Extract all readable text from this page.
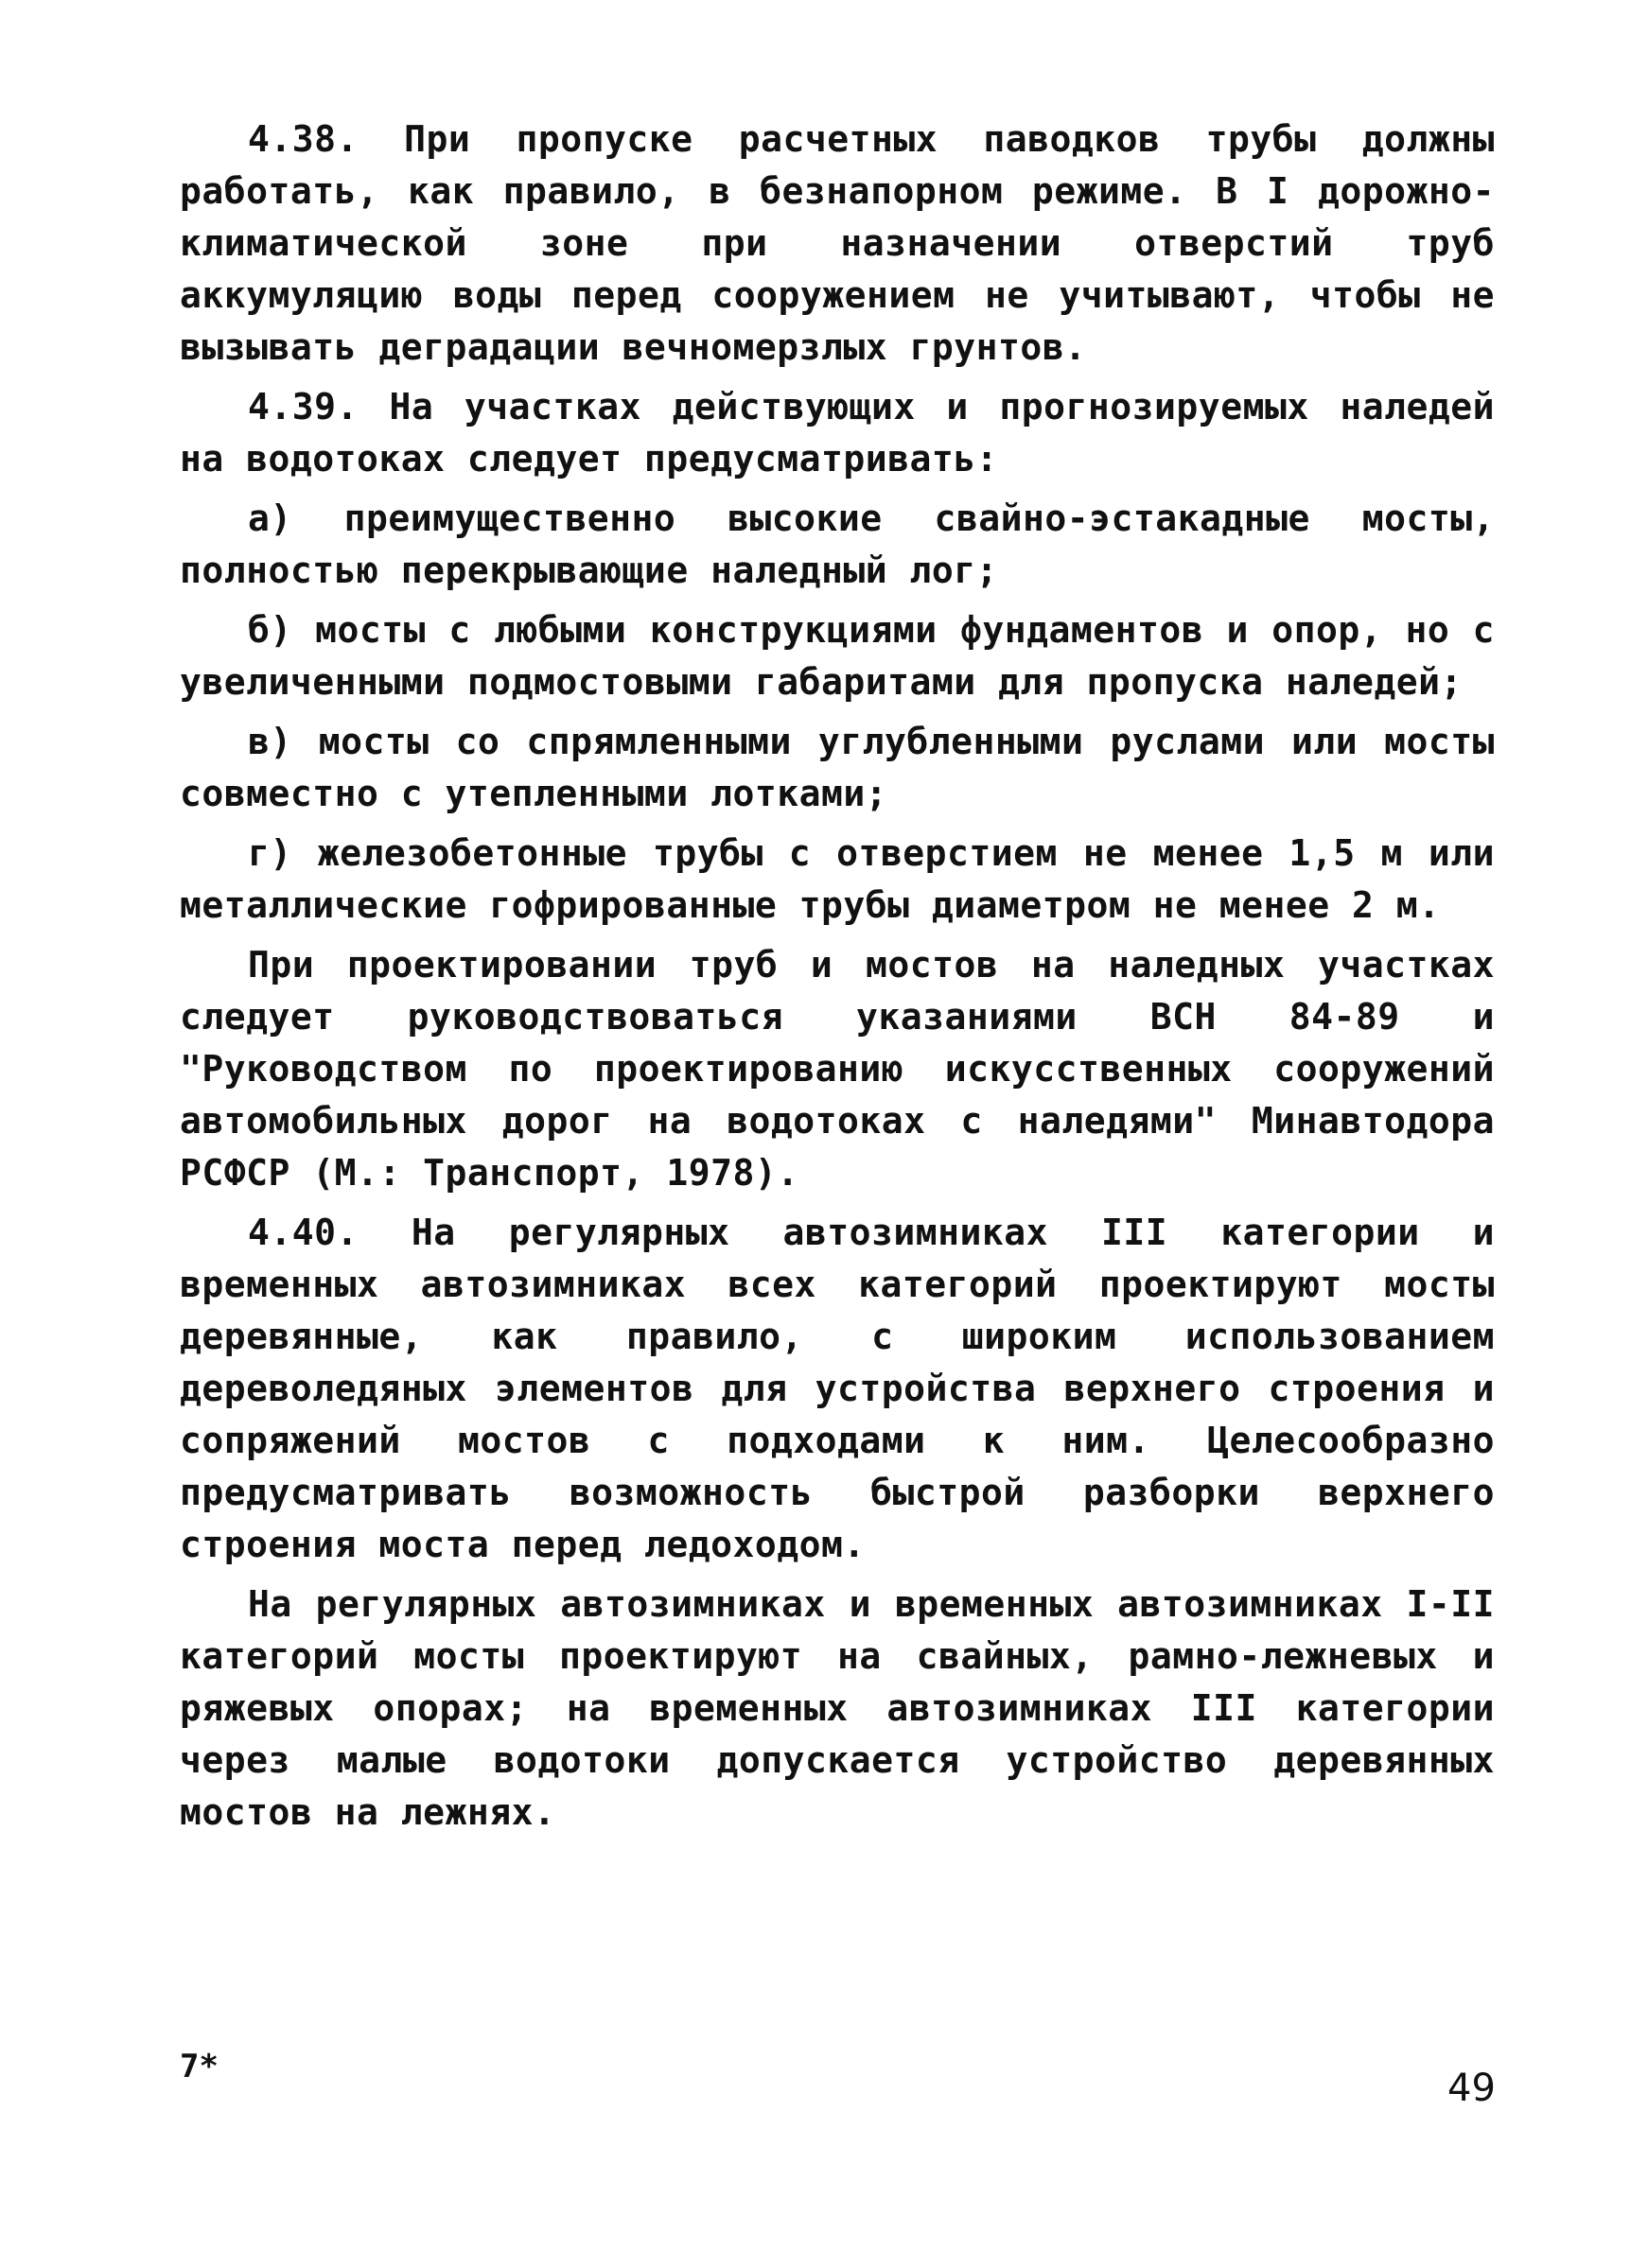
4.38. При пропуске расчетных паводков трубы должны работать, как правило, в безнапорном режиме. В I дорожно-климатической зоне при назначении отверстий труб аккумуляцию воды перед сооружением не учитывают, чтобы не вызывать деградации вечномерзлых грунтов.

4.39. На участках действующих и прогнозируемых наледей на водотоках следует предусматривать:

а) преимущественно высокие свайно-эстакадные мосты, полностью перекрывающие наледный лог;

б) мосты с любыми конструкциями фундаментов и опор, но с увеличенными подмостовыми габаритами для пропуска наледей;

в) мосты со спрямленными углубленными руслами или мосты совместно с утепленными лотками;

г) железобетонные трубы с отверстием не менее 1,5 м или металлические гофрированные трубы диаметром не менее 2 м.

При проектировании труб и мостов на наледных участках следует руководствоваться указаниями ВСН 84-89 и "Руководством по проектированию искусственных сооружений автомобильных дорог на водотоках с наледями" Минавтодора РСФСР (М.: Транспорт, 1978).

4.40. На регулярных автозимниках III категории и временных автозимниках всех категорий проектируют мосты деревянные, как правило, с широким использованием дереволедяных элементов для устройства верхнего строения и сопряжений мостов с подходами к ним. Целесообразно предусматривать возможность быстрой разборки верхнего строения моста перед ледоходом.

На регулярных автозимниках и временных автозимниках I-II категорий мосты проектируют на свайных, рамно-лежневых и ряжевых опорах; на временных автозимниках III категории через малые водотоки допускается устройство деревянных мостов на лежнях.

7*	49
